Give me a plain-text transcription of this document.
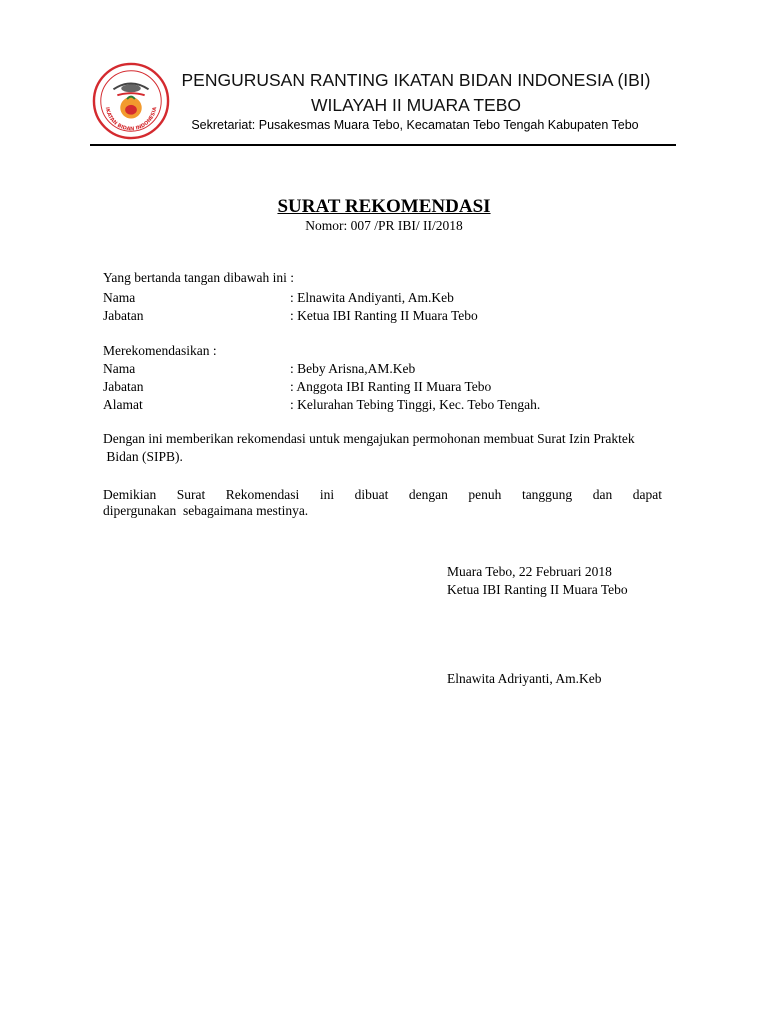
IKATAN BIDAN INDONESIA
PENGURUSAN RANTING IKATAN BIDAN INDONESIA (IBI)
WILAYAH II MUARA TEBO
Sekretariat: Pusakesmas Muara Tebo, Kecamatan Tebo Tengah Kabupaten Tebo
SURAT REKOMENDASI
Nomor: 007 /PR IBI/ II/2018
Yang bertanda tangan dibawah ini :
Nama	: Elnawita Andiyanti, Am.Keb
Jabatan	: Ketua IBI Ranting II Muara Tebo
Merekomendasikan :
Nama	: Beby Arisna,AM.Keb
Jabatan	: Anggota IBI Ranting II Muara Tebo
Alamat	: Kelurahan Tebing Tinggi, Kec. Tebo Tengah.
Dengan ini memberikan rekomendasi untuk mengajukan permohonan membuat Surat Izin Praktek
Bidan (SIPB).
Demikian Surat Rekomendasi ini dibuat dengan penuh tanggung dan dapat
dipergunakan  sebagaimana mestinya.
Muara Tebo, 22 Februari 2018
Ketua IBI Ranting II Muara Tebo
Elnawita Adriyanti, Am.Keb
